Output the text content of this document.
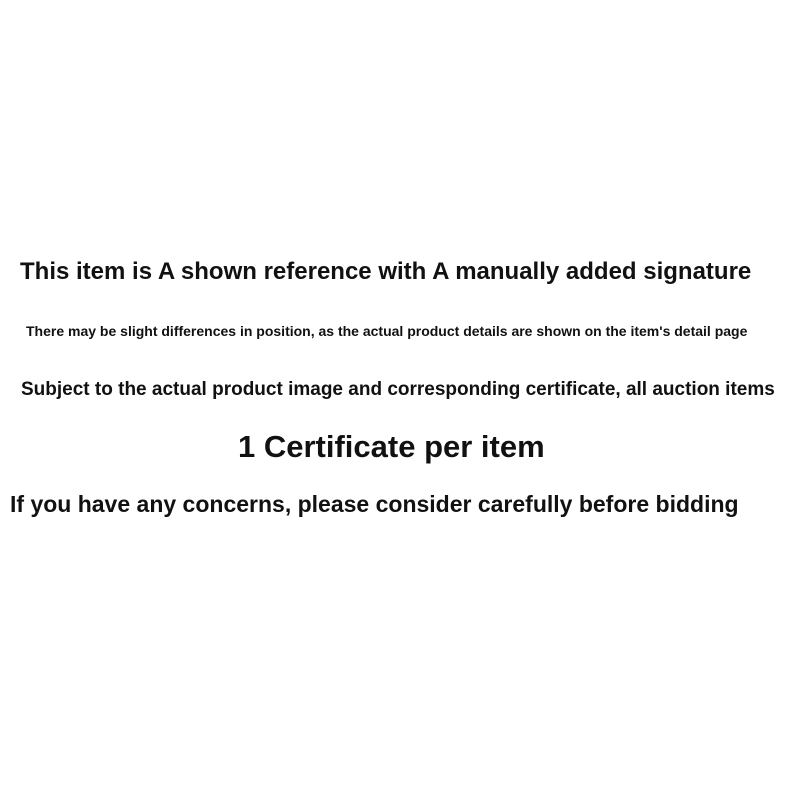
This item is A shown reference with A manually added signature

There may be slight differences in position, as the actual product details are shown on the item's detail page

Subject to the actual product image and corresponding certificate, all auction items

1 Certificate per item

If you have any concerns, please consider carefully before bidding
